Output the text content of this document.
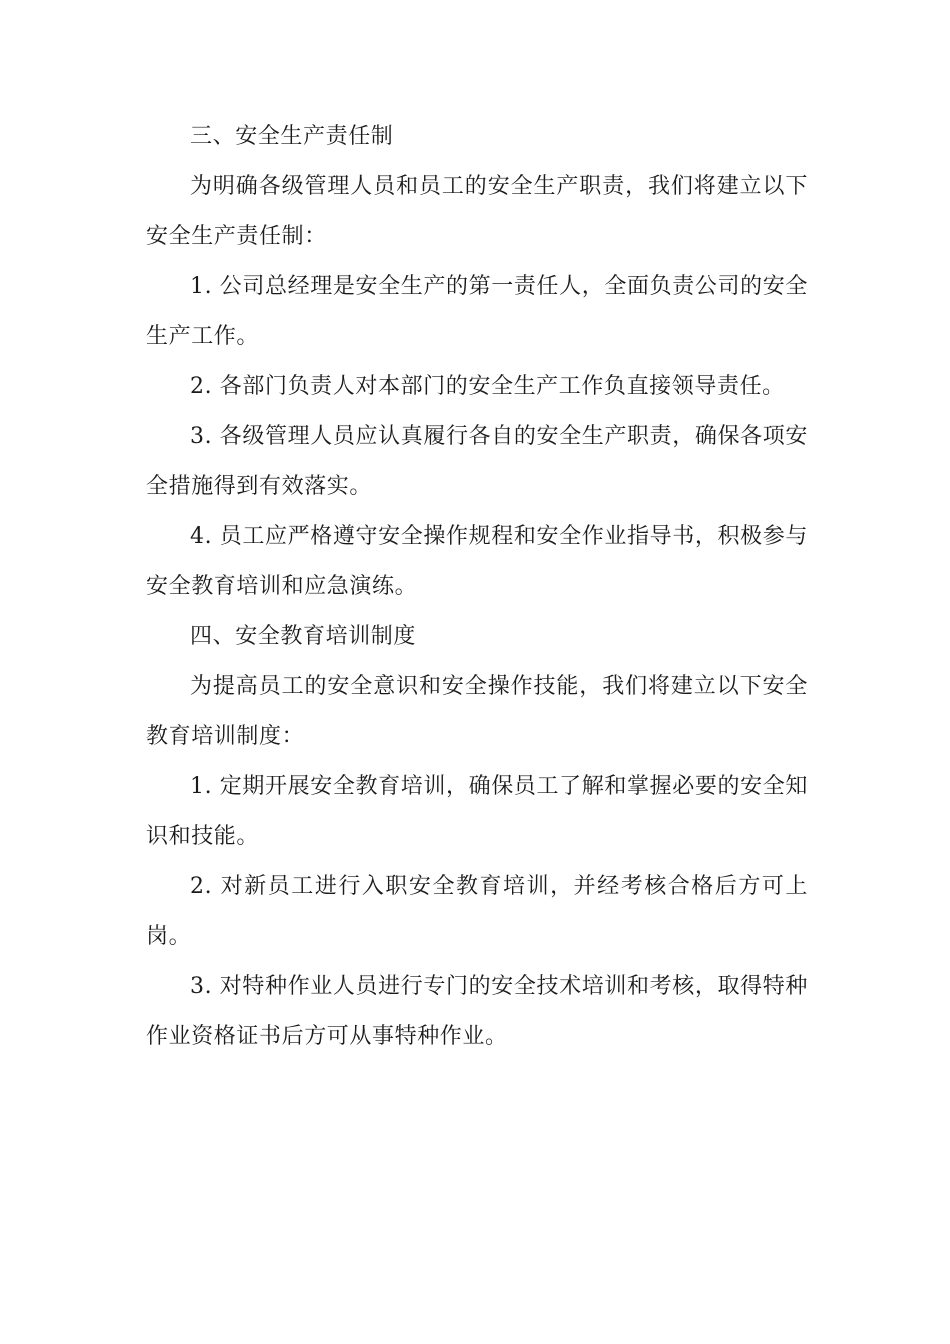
三、安全生产责任制

为明确各级管理人员和员工的安全生产职责，我们将建立以下安全生产责任制：

1. 公司总经理是安全生产的第一责任人，全面负责公司的安全生产工作。

2. 各部门负责人对本部门的安全生产工作负直接领导责任。

3. 各级管理人员应认真履行各自的安全生产职责，确保各项安全措施得到有效落实。

4. 员工应严格遵守安全操作规程和安全作业指导书，积极参与安全教育培训和应急演练。

四、安全教育培训制度

为提高员工的安全意识和安全操作技能，我们将建立以下安全教育培训制度：

1. 定期开展安全教育培训，确保员工了解和掌握必要的安全知识和技能。

2. 对新员工进行入职安全教育培训，并经考核合格后方可上岗。

3. 对特种作业人员进行专门的安全技术培训和考核，取得特种作业资格证书后方可从事特种作业。
